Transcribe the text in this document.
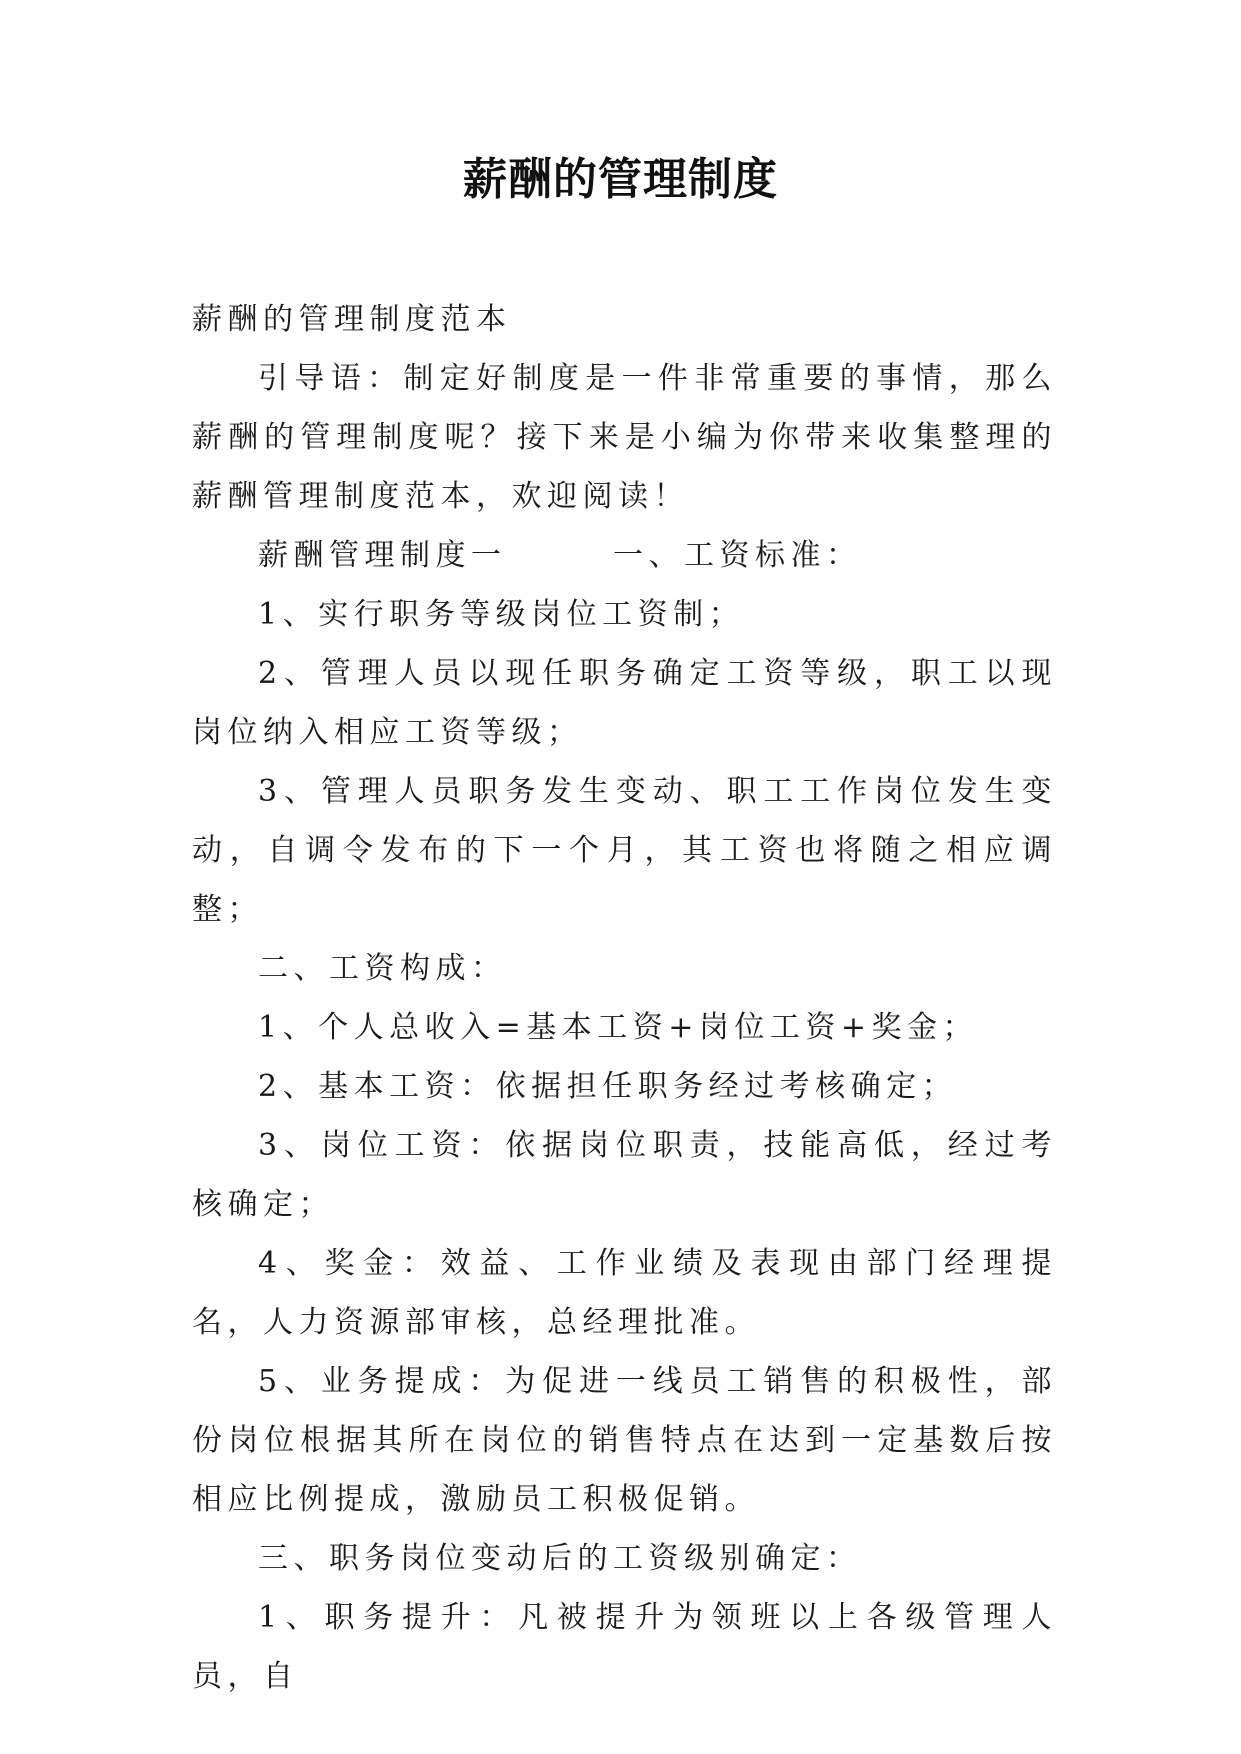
薪酬的管理制度

薪酬的管理制度范本

引导语：制定好制度是一件非常重要的事情，那么薪酬的管理制度呢？接下来是小编为你带来收集整理的薪酬管理制度范本，欢迎阅读！

薪酬管理制度一　　　一、工资标准：

1、实行职务等级岗位工资制；

2、管理人员以现任职务确定工资等级，职工以现岗位纳入相应工资等级；

3、管理人员职务发生变动、职工工作岗位发生变动，自调令发布的下一个月，其工资也将随之相应调整；

二、工资构成：

1、个人总收入=基本工资+岗位工资+奖金；

2、基本工资：依据担任职务经过考核确定；

3、岗位工资：依据岗位职责，技能高低，经过考核确定；

4、奖金：效益、工作业绩及表现由部门经理提名，人力资源部审核，总经理批准。

5、业务提成：为促进一线员工销售的积极性，部份岗位根据其所在岗位的销售特点在达到一定基数后按相应比例提成，激励员工积极促销。

三、职务岗位变动后的工资级别确定：

1、职务提升：凡被提升为领班以上各级管理人员，自
